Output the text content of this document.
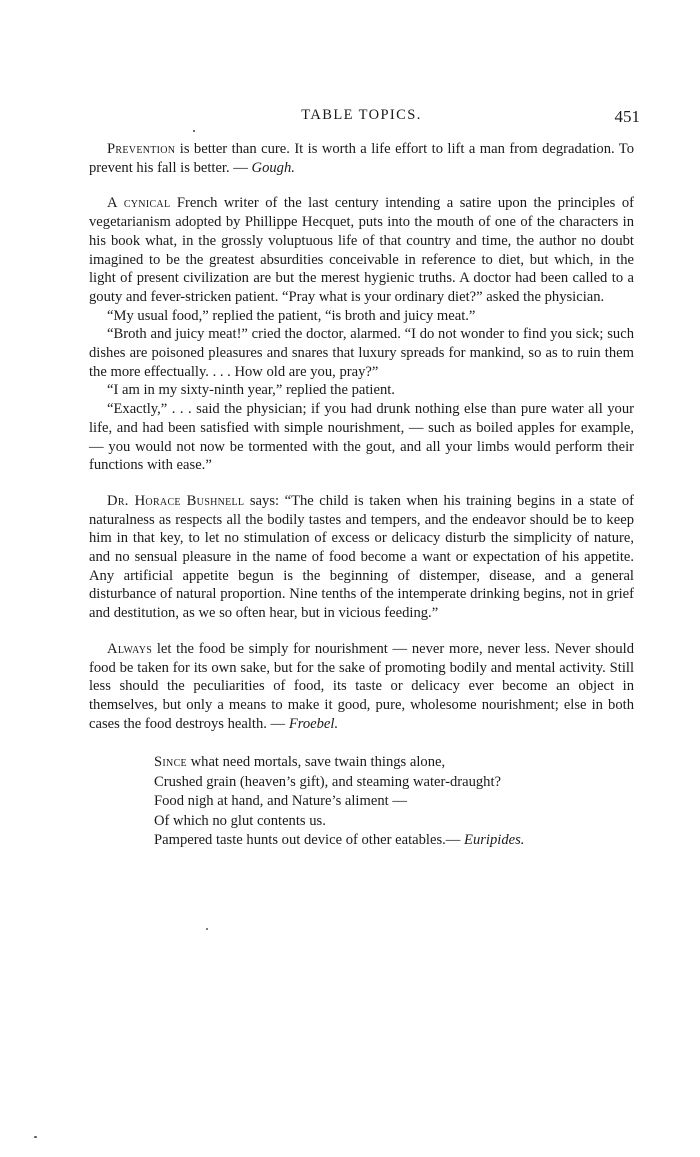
TABLE TOPICS.	451

Prevention is better than cure. It is worth a life effort to lift a man from degradation. To prevent his fall is better. — Gough.

A cynical French writer of the last century intending a satire upon the principles of vegetarianism adopted by Phillippe Hecquet, puts into the mouth of one of the characters in his book what, in the grossly voluptuous life of that country and time, the author no doubt imagined to be the greatest absurdities conceivable in reference to diet, but which, in the light of present civilization are but the merest hygienic truths. A doctor had been called to a gouty and fever-stricken patient. “Pray what is your ordinary diet?” asked the physician.

“My usual food,” replied the patient, “is broth and juicy meat.”

“Broth and juicy meat!” cried the doctor, alarmed. “I do not wonder to find you sick; such dishes are poisoned pleasures and snares that luxury spreads for mankind, so as to ruin them the more effectually. . . . How old are you, pray?”

“I am in my sixty-ninth year,” replied the patient.

“Exactly,” . . . said the physician; if you had drunk nothing else than pure water all your life, and had been satisfied with simple nourishment, — such as boiled apples for example, — you would not now be tormented with the gout, and all your limbs would perform their functions with ease.”

Dr. Horace Bushnell says: “The child is taken when his training begins in a state of naturalness as respects all the bodily tastes and tempers, and the endeavor should be to keep him in that key, to let no stimulation of excess or delicacy disturb the simplicity of nature, and no sensual pleasure in the name of food become a want or expectation of his appetite. Any artificial appetite begun is the beginning of distemper, disease, and a general disturbance of natural proportion. Nine tenths of the intemperate drinking begins, not in grief and destitution, as we so often hear, but in vicious feeding.”

Always let the food be simply for nourishment — never more, never less. Never should food be taken for its own sake, but for the sake of promoting bodily and mental activity. Still less should the peculiarities of food, its taste or delicacy ever become an object in themselves, but only a means to make it good, pure, wholesome nourishment; else in both cases the food destroys health. — Froebel.

Since what need mortals, save twain things alone,
Crushed grain (heaven’s gift), and steaming water-draught?
Food nigh at hand, and Nature’s aliment —
Of which no glut contents us.
Pampered taste hunts out device of other eatables.— Euripides.
